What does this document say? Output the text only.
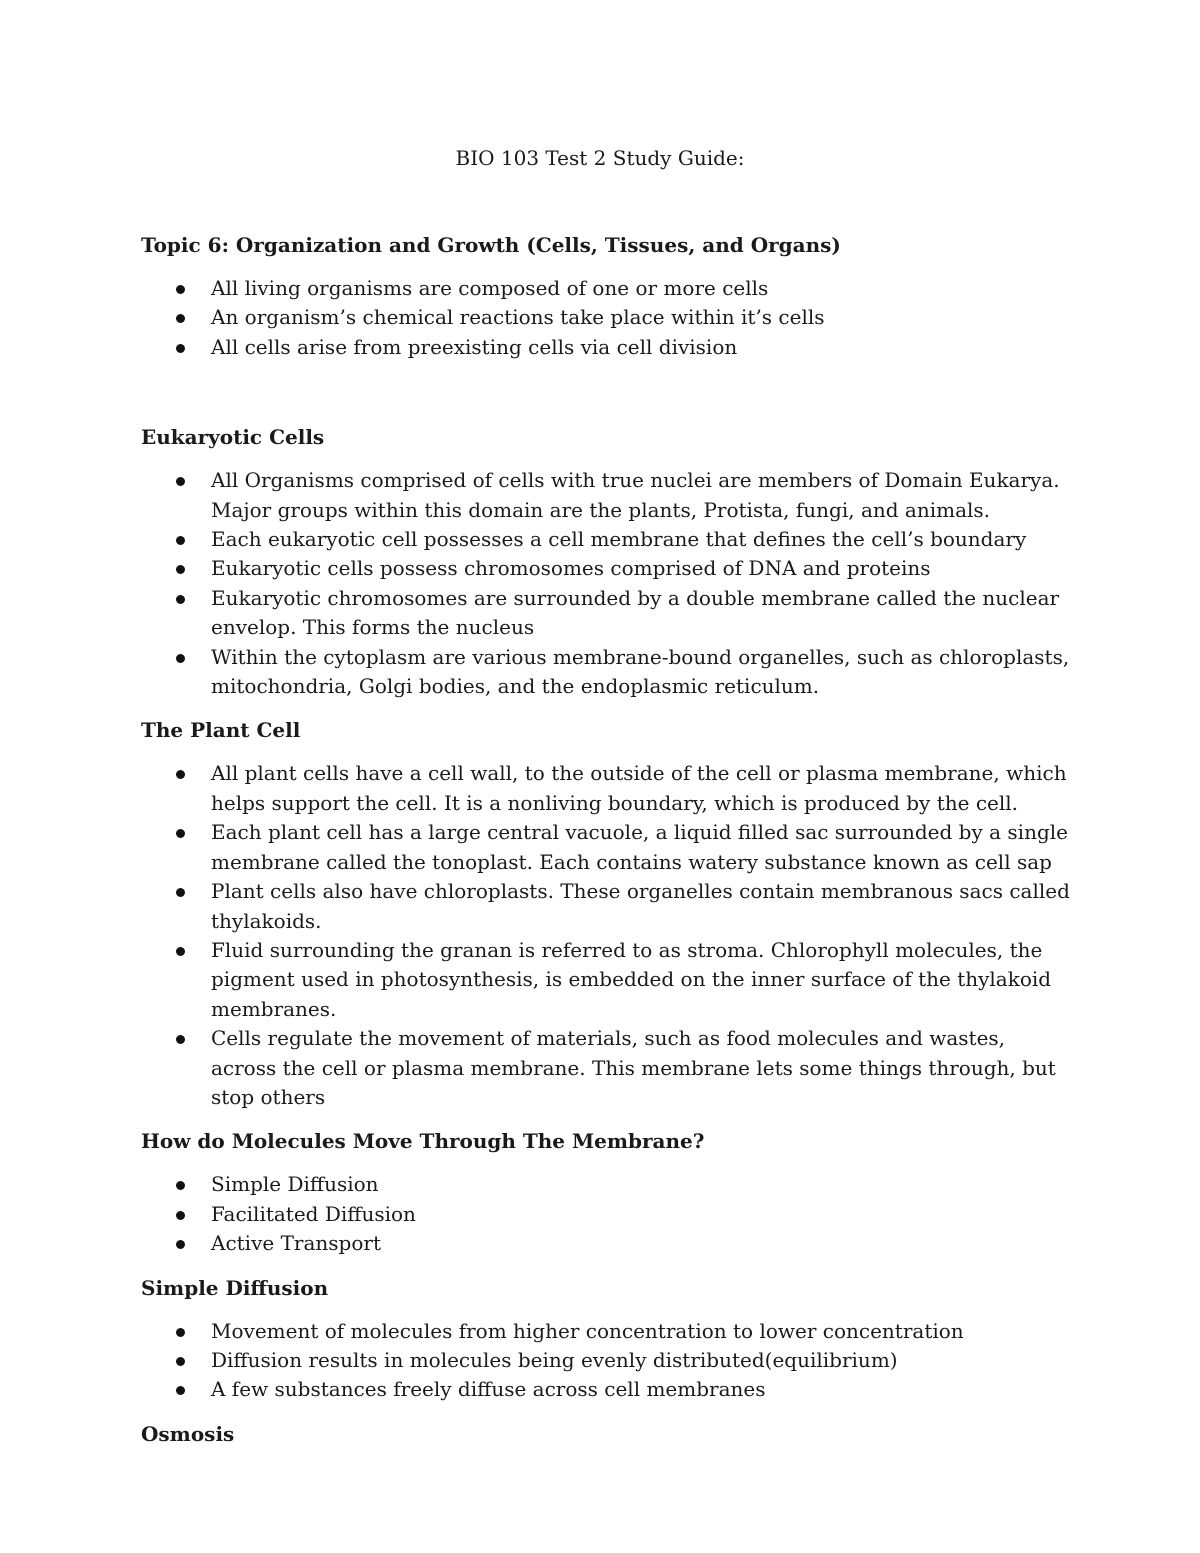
BIO 103 Test 2 Study Guide:
Topic 6: Organization and Growth (Cells, Tissues, and Organs)
All living organisms are composed of one or more cells
An organism’s chemical reactions take place within it’s cells
All cells arise from preexisting cells via cell division
Eukaryotic Cells
All Organisms comprised of cells with true nuclei are members of Domain Eukarya. Major groups within this domain are the plants, Protista, fungi, and animals.
Each eukaryotic cell possesses a cell membrane that defines the cell’s boundary
Eukaryotic cells possess chromosomes comprised of DNA and proteins
Eukaryotic chromosomes are surrounded by a double membrane called the nuclear envelop. This forms the nucleus
Within the cytoplasm are various membrane-bound organelles, such as chloroplasts, mitochondria, Golgi bodies, and the endoplasmic reticulum.
The Plant Cell
All plant cells have a cell wall, to the outside of the cell or plasma membrane, which helps support the cell. It is a nonliving boundary, which is produced by the cell.
Each plant cell has a large central vacuole, a liquid filled sac surrounded by a single membrane called the tonoplast. Each contains watery substance known as cell sap
Plant cells also have chloroplasts. These organelles contain membranous sacs called thylakoids.
Fluid surrounding the granan is referred to as stroma. Chlorophyll molecules, the pigment used in photosynthesis, is embedded on the inner surface of the thylakoid membranes.
Cells regulate the movement of materials, such as food molecules and wastes, across the cell or plasma membrane. This membrane lets some things through, but stop others
How do Molecules Move Through The Membrane?
Simple Diffusion
Facilitated Diffusion
Active Transport
Simple Diffusion
Movement of molecules from higher concentration to lower concentration
Diffusion results in molecules being evenly distributed(equilibrium)
A few substances freely diffuse across cell membranes
Osmosis
